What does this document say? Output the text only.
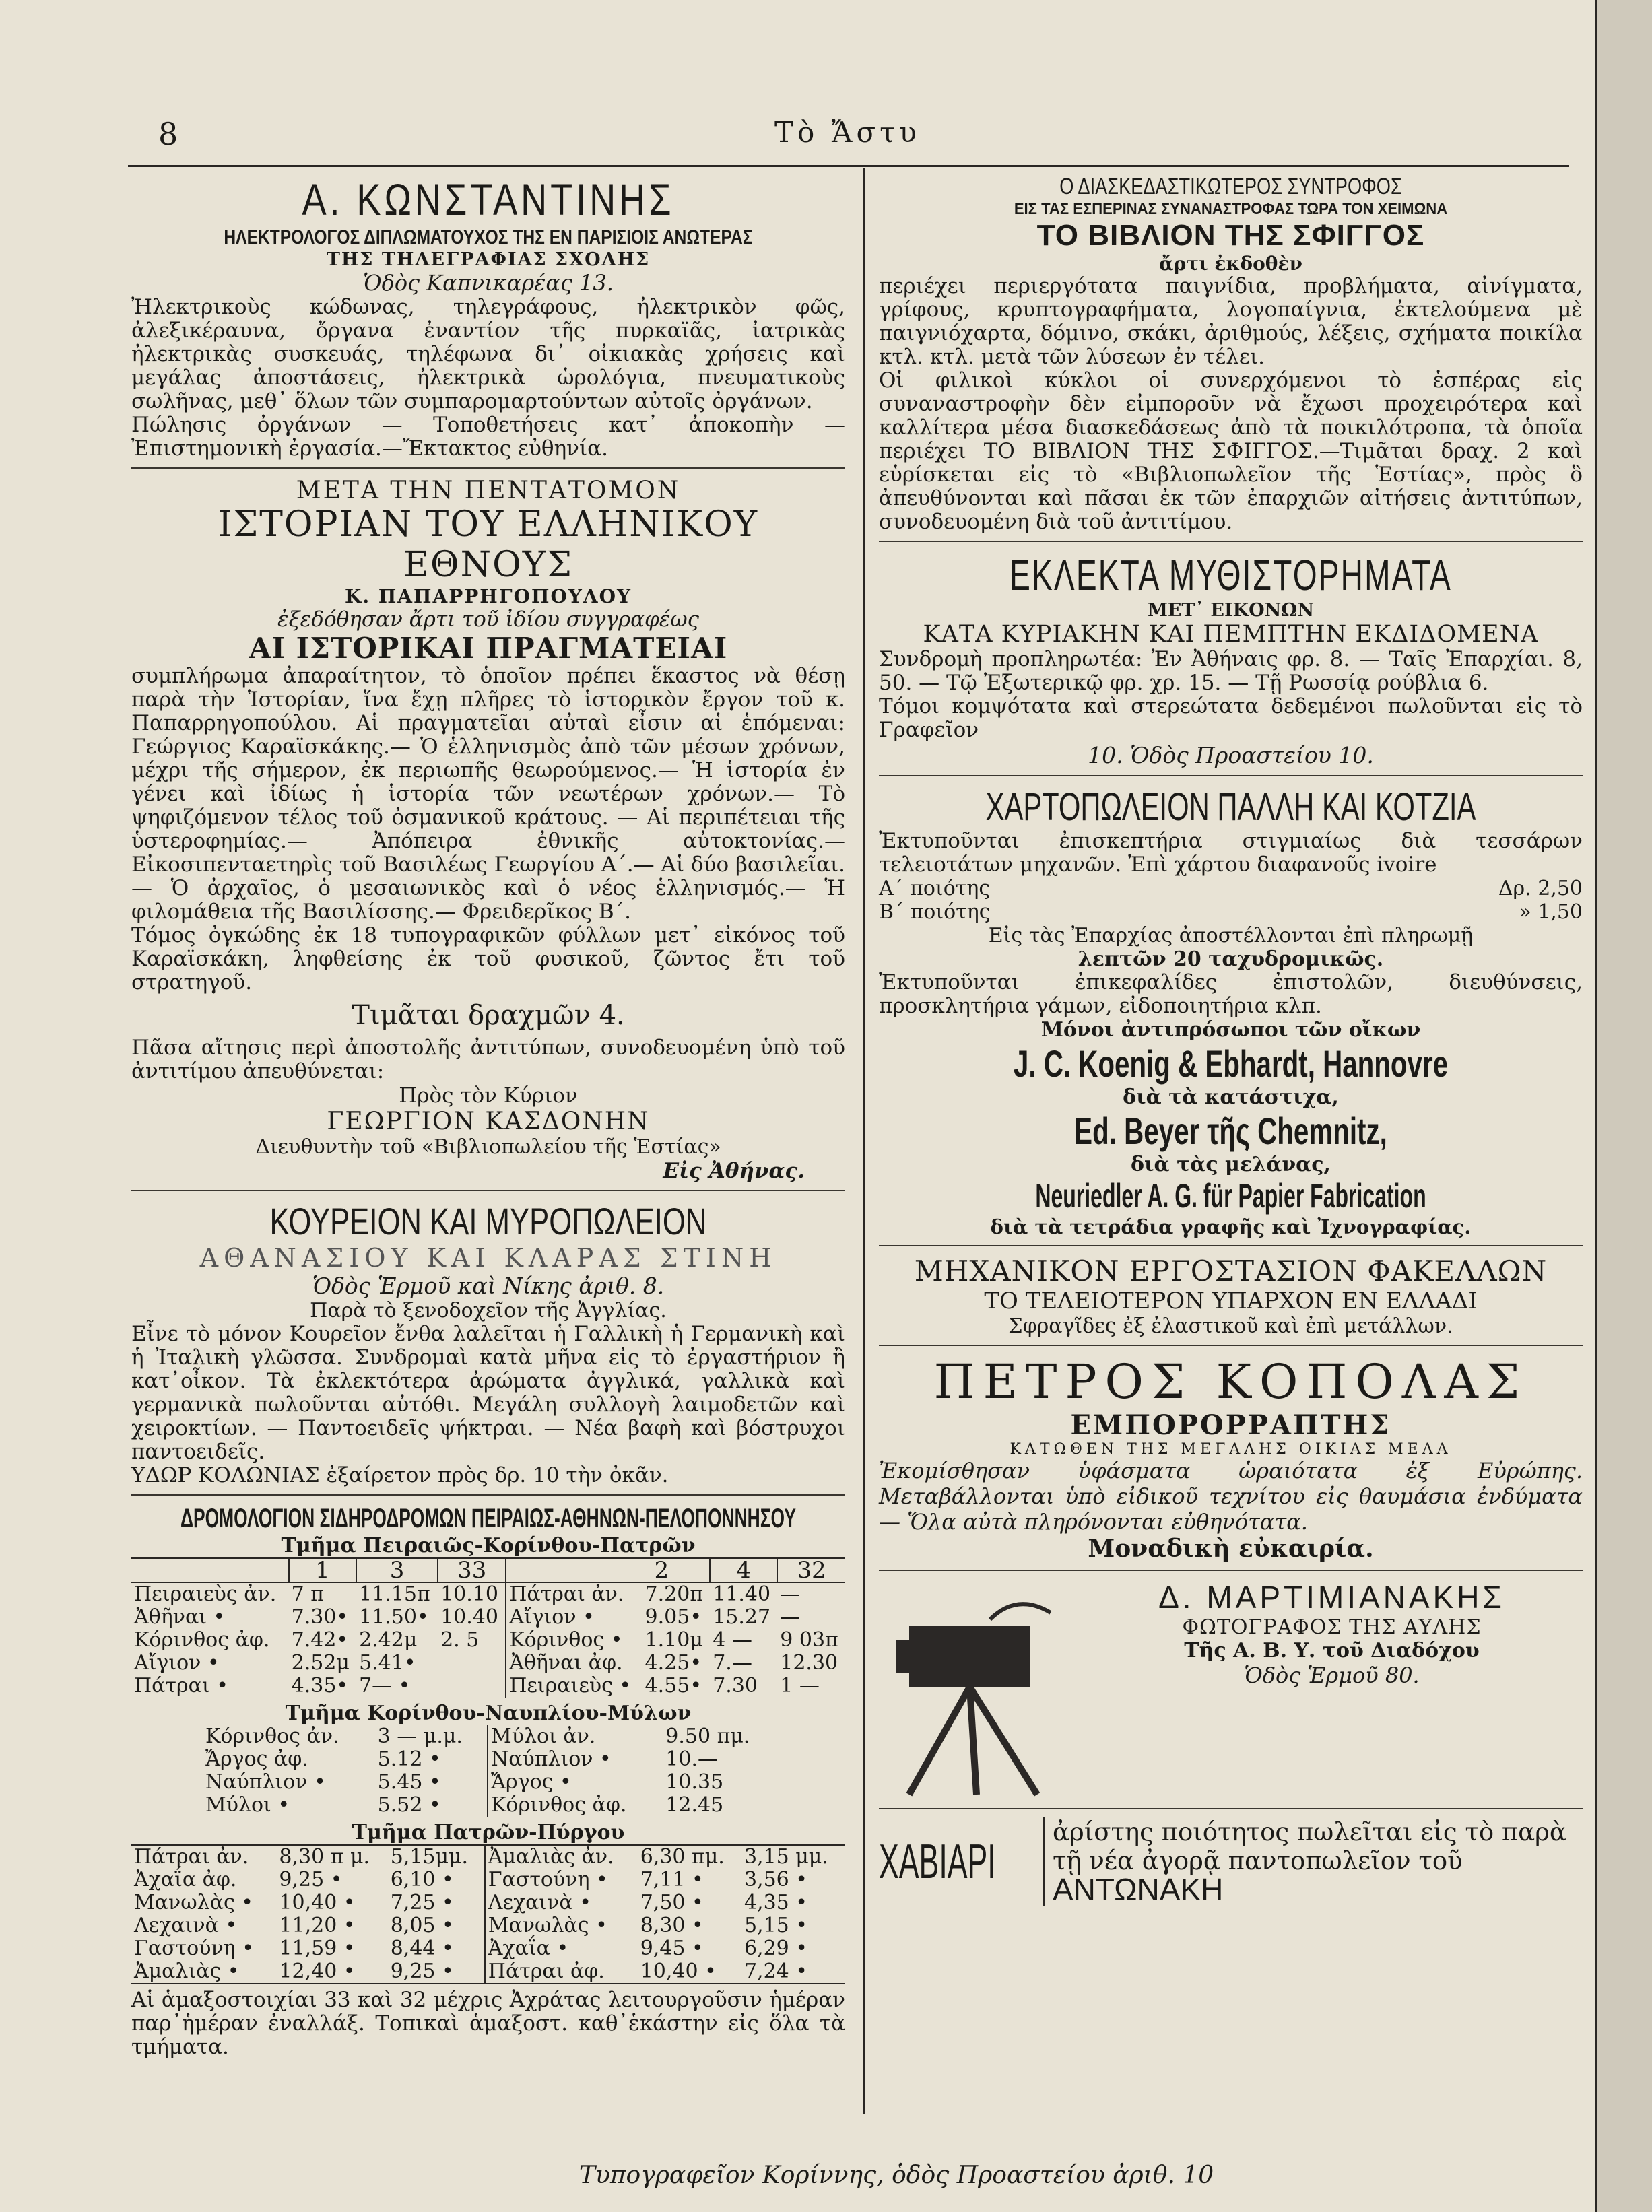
8	Τὸ Ἄστυ
Α. ΚΩΝΣΤΑΝΤΙΝΗΣ
ΗΛΕΚΤΡΟΛΟΓΟΣ ΔΙΠΛΩΜΑΤΟΥΧΟΣ ΤΗΣ ΕΝ ΠΑΡΙΣΙΟΙΣ ΑΝΩΤΕΡΑΣ
ΤΗΣ ΤΗΛΕΓΡΑΦΙΑΣ ΣΧΟΛΗΣ
Ὁδὸς Καπνικαρέας 13.
Ἠλεκτρικοὺς κώδωνας, τηλεγράφους, ἠλεκτρικὸν φῶς, ἀλεξικέραυνα, ὄργανα ἐναντίον τῆς πυρκαϊᾶς, ἰατρικὰς ἠλεκτρικὰς συσκευάς, τηλέφωνα δι᾽ οἰκιακὰς χρήσεις καὶ μεγάλας ἀποστάσεις, ἠλεκτρικὰ ὡρολόγια, πνευματικοὺς σωλῆνας, μεθ᾽ ὅλων τῶν συμπαρομαρτούντων αὐτοῖς ὀργάνων.
Πώλησις ὀργάνων — Τοποθετήσεις κατ᾽ ἀποκοπὴν — Ἐπιστημονικὴ ἐργασία.—Ἔκτακτος εὐθηνία.
ΜΕΤΑ ΤΗΝ ΠΕΝΤΑΤΟΜΟΝ
ΙΣΤΟΡΙΑΝ ΤΟΥ ΕΛΛΗΝΙΚΟΥ ΕΘΝΟΥΣ
Κ. ΠΑΠΑΡΡΗΓΟΠΟΥΛΟΥ
ἐξεδόθησαν ἄρτι τοῦ ἰδίου συγγραφέως
ΑΙ ΙΣΤΟΡΙΚΑΙ ΠΡΑΓΜΑΤΕΙΑΙ
συμπλήρωμα ἀπαραίτητον, τὸ ὁποῖον πρέπει ἕκαστος νὰ θέσῃ παρὰ τὴν Ἱστορίαν, ἵνα ἔχῃ πλῆρες τὸ ἱστορικὸν ἔργον τοῦ κ. Παπαρρηγοπούλου. Αἱ πραγματεῖαι αὐταὶ εἶσιν αἱ ἑπόμεναι: Γεώργιος Καραϊσκάκης.— Ὁ ἑλληνισμὸς ἀπὸ τῶν μέσων χρόνων, μέχρι τῆς σήμερον, ἐκ περιωπῆς θεωρούμενος.— Ἡ ἱστορία ἐν γένει καὶ ἰδίως ἡ ἱστορία τῶν νεωτέρων χρόνων.— Τὸ ψηφιζόμενον τέλος τοῦ ὀσμανικοῦ κράτους. — Αἱ περιπέτειαι τῆς ὑστεροφημίας.— Ἀπόπειρα ἐθνικῆς αὐτοκτονίας.—Εἰκοσιπενταετηρὶς τοῦ Βασιλέως Γεωργίου Α΄.— Αἱ δύο βασιλεῖαι.— Ὁ ἀρχαῖος, ὁ μεσαιωνικὸς καὶ ὁ νέος ἑλληνισμός.— Ἡ φιλομάθεια τῆς Βασιλίσσης.— Φρειδερῖκος Β΄.
Τόμος ὀγκώδης ἐκ 18 τυπογραφικῶν φύλλων μετ᾽ εἰκόνος τοῦ Καραϊσκάκη, ληφθείσης ἐκ τοῦ φυσικοῦ, ζῶντος ἔτι τοῦ στρατηγοῦ.
Τιμᾶται δραχμῶν 4.
Πᾶσα αἴτησις περὶ ἀποστολῆς ἀντιτύπων, συνοδευομένη ὑπὸ τοῦ ἀντιτίμου ἀπευθύνεται:
Πρὸς τὸν Κύριον
ΓΕΩΡΓΙΟΝ ΚΑΣΔΟΝΗΝ
Διευθυντὴν τοῦ «Βιβλιοπωλείου τῆς Ἑστίας»
Εἰς Ἀθήνας.
ΚΟΥΡΕΙΟΝ ΚΑΙ ΜΥΡΟΠΩΛΕΙΟΝ
ΑΘΑΝΑΣΙΟΥ ΚΑΙ ΚΛΑΡΑΣ ΣΤΙΝΗ
Ὁδὸς Ἑρμοῦ καὶ Νίκης ἀριθ. 8.
Παρὰ τὸ ξενοδοχεῖον τῆς Ἀγγλίας.
Εἶνε τὸ μόνον Κουρεῖον ἔνθα λαλεῖται ἡ Γαλλικὴ ἡ Γερμανικὴ καὶ ἡ Ἰταλικὴ γλῶσσα. Συνδρομαὶ κατὰ μῆνα εἰς τὸ ἐργαστήριον ἢ κατ᾽οἶκον. Τὰ ἐκλεκτότερα ἀρώματα ἀγγλικά, γαλλικὰ καὶ γερμανικὰ πωλοῦνται αὐτόθι. Μεγάλη συλλογὴ λαιμοδετῶν καὶ χειροκτίων. — Παντοειδεῖς ψήκτραι. — Νέα βαφὴ καὶ βόστρυχοι παντοειδεῖς.
ΥΔΩΡ ΚΟΛΩΝΙΑΣ ἐξαίρετον πρὸς δρ. 10 τὴν ὀκᾶν.
ΔΡΟΜΟΛΟΓΙΟΝ ΣΙΔΗΡΟΔΡΟΜΩΝ ΠΕΙΡΑΙΩΣ-ΑΘΗΝΩΝ-ΠΕΛΟΠΟΝΝΗΣΟΥ
Τμῆμα Πειραιῶς-Κορίνθου-Πατρῶν
	1	3	33	2		4	32
Πειραιεὺς ἀν.	7 π	11.15π	10.10	Πάτραι ἀν.	7.20π	11.40	—
Ἀθῆναι •	7.30•	11.50•	10.40	Αἴγιον •	9.05•	15.27	—
Κόρινθος ἀφ.	7.42•	2.42μ	2. 5	Κόρινθος •	1.10μ	4 —	9 03π
Αἴγιον •	2.52μ	5.41•		Ἀθῆναι ἀφ.	4.25•	7.—	12.30
Πάτραι •	4.35•	7— •		Πειραιεὺς •	4.55•	7.30	1 —
Τμῆμα Κορίνθου-Ναυπλίου-Μύλων
Κόρινθος ἀν.	3 — μ.μ.	Μύλοι ἀν.	9.50 πμ.
Ἄργος ἀφ.	5.12 •	Ναύπλιον •	10.—
Ναύπλιον •	5.45 •	Ἄργος •	10.35
Μύλοι •	5.52 •	Κόρινθος ἀφ.	12.45
Τμῆμα Πατρῶν-Πύργου
Πάτραι ἀν.	8,30 π μ.	5,15μμ.	Ἀμαλιὰς ἀν.	6,30 πμ.	3,15 μμ.
Ἀχαΐα ἀφ.	9,25 •	6,10 •	Γαστούνη •	7,11 •	3,56 •
Μανωλὰς •	10,40 •	7,25 •	Λεχαινὰ •	7,50 •	4,35 •
Λεχαινὰ •	11,20 •	8,05 •	Μανωλὰς •	8,30 •	5,15 •
Γαστούνη •	11,59 •	8,44 •	Ἀχαΐα •	9,45 •	6,29 •
Ἀμαλιὰς •	12,40 •	9,25 •	Πάτραι ἀφ.	10,40 •	7,24 •
Αἱ ἁμαξοστοιχίαι 33 καὶ 32 μέχρις Ἀχράτας λειτουργοῦσιν ἡμέραν παρ᾽ἡμέραν ἐναλλάξ. Τοπικαὶ ἁμαξοστ. καθ᾽ἑκάστην εἰς ὅλα τὰ τμήματα.
Ο ΔΙΑΣΚΕΔΑΣΤΙΚΩΤΕΡΟΣ ΣΥΝΤΡΟΦΟΣ
ΕΙΣ ΤΑΣ ΕΣΠΕΡΙΝΑΣ ΣΥΝΑΝΑΣΤΡΟΦΑΣ ΤΩΡΑ ΤΟΝ ΧΕΙΜΩΝΑ
ΤΟ ΒΙΒΛΙΟΝ ΤΗΣ ΣΦΙΓΓΟΣ
ἄρτι ἐκδοθὲν
περιέχει περιεργότατα παιγνίδια, προβλήματα, αἰνίγματα, γρίφους, κρυπτογραφήματα, λογοπαίγνια, ἐκτελούμενα μὲ παιγνιόχαρτα, δόμινο, σκάκι, ἀριθμούς, λέξεις, σχήματα ποικίλα κτλ. κτλ. μετὰ τῶν λύσεων ἐν τέλει.
Οἱ φιλικοὶ κύκλοι οἱ συνερχόμενοι τὸ ἑσπέρας εἰς συναναστροφὴν δὲν εἰμποροῦν νὰ ἔχωσι προχειρότερα καὶ καλλίτερα μέσα διασκεδάσεως ἀπὸ τὰ ποικιλότροπα, τὰ ὁποῖα περιέχει ΤΟ ΒΙΒΛΙΟΝ ΤΗΣ ΣΦΙΓΓΟΣ.—Τιμᾶται δραχ. 2 καὶ εὑρίσκεται εἰς τὸ «Βιβλιοπωλεῖον τῆς Ἑστίας», πρὸς ὃ ἀπευθύνονται καὶ πᾶσαι ἐκ τῶν ἐπαρχιῶν αἰτήσεις ἀντιτύπων, συνοδευομένη διὰ τοῦ ἀντιτίμου.
ΕΚΛΕΚΤΑ ΜΥΘΙΣΤΟΡΗΜΑΤΑ
ΜΕΤ᾽ ΕΙΚΟΝΩΝ
ΚΑΤΑ ΚΥΡΙΑΚΗΝ ΚΑΙ ΠΕΜΠΤΗΝ ΕΚΔΙΔΟΜΕΝΑ
Συνδρομὴ προπληρωτέα: Ἐν Ἀθήναις φρ. 8. — Ταῖς Ἐπαρχίαι. 8, 50. — Τῷ Ἐξωτερικῷ φρ. χρ. 15. — Τῇ Ρωσσίᾳ ρούβλια 6.
Τόμοι κομψότατα καὶ στερεώτατα δεδεμένοι πωλοῦνται εἰς τὸ Γραφεῖον
10. Ὁδὸς Προαστείου 10.
ΧΑΡΤΟΠΩΛΕΙΟΝ ΠΑΛΛΗ ΚΑΙ ΚΟΤΖΙΑ
Ἐκτυποῦνται ἐπισκεπτήρια στιγμιαίως διὰ τεσσάρων τελειοτάτων μηχανῶν. Ἐπὶ χάρτου διαφανοῦς ivoire
Α΄ ποιότης	Δρ. 2,50
Β΄ ποιότης	» 1,50
Εἰς τὰς Ἐπαρχίας ἀποστέλλονται ἐπὶ πληρωμῇ
λεπτῶν 20 ταχυδρομικῶς.
Ἐκτυποῦνται ἐπικεφαλίδες ἐπιστολῶν, διευθύνσεις, προσκλητήρια γάμων, εἰδοποιητήρια κλπ.
Μόνοι ἀντιπρόσωποι τῶν οἴκων
J. C. Koenig & Ebhardt, Hannovre
διὰ τὰ κατάστιχα,
Ed. Beyer τῆς Chemnitz,
διὰ τὰς μελάνας,
Neuriedler A. G. für Papier Fabrication
διὰ τὰ τετράδια γραφῆς καὶ Ἰχνογραφίας.
ΜΗΧΑΝΙΚΟΝ ΕΡΓΟΣΤΑΣΙΟΝ ΦΑΚΕΛΛΩΝ
ΤΟ ΤΕΛΕΙΟΤΕΡΟΝ ΥΠΑΡΧΟΝ ΕΝ ΕΛΛΑΔΙ
Σφραγῖδες ἐξ ἐλαστικοῦ καὶ ἐπὶ μετάλλων.
ΠΕΤΡΟΣ ΚΟΠΟΛΑΣ
ΕΜΠΟΡΟΡΡΑΠΤΗΣ
ΚΑΤΩΘΕΝ ΤΗΣ ΜΕΓΑΛΗΣ ΟΙΚΙΑΣ ΜΕΛΑ
Ἐκομίσθησαν ὑφάσματα ὡραιότατα ἐξ Εὐρώπης. Μεταβάλλονται ὑπὸ εἰδικοῦ τεχνίτου εἰς θαυμάσια ἐνδύματα — Ὅλα αὐτὰ πληρόνονται εὐθηνότατα.
Μοναδικὴ εὐκαιρία.
Δ. ΜΑΡΤΙΜΙΑΝΑΚΗΣ
ΦΩΤΟΓΡΑΦΟΣ ΤΗΣ ΑΥΛΗΣ
Τῆς Α. Β. Υ. τοῦ Διαδόχου
Ὁδὸς Ἑρμοῦ 80.
ΧΑΒΙΑΡΙ
ἀρίστης ποιότητος πωλεῖται εἰς τὸ παρὰ τῇ νέα ἀγορᾷ παντοπωλεῖον τοῦ ΑΝΤΩΝΑΚΗ
Τυπογραφεῖον Κορίννης, ὁδὸς Προαστείου ἀριθ. 10
